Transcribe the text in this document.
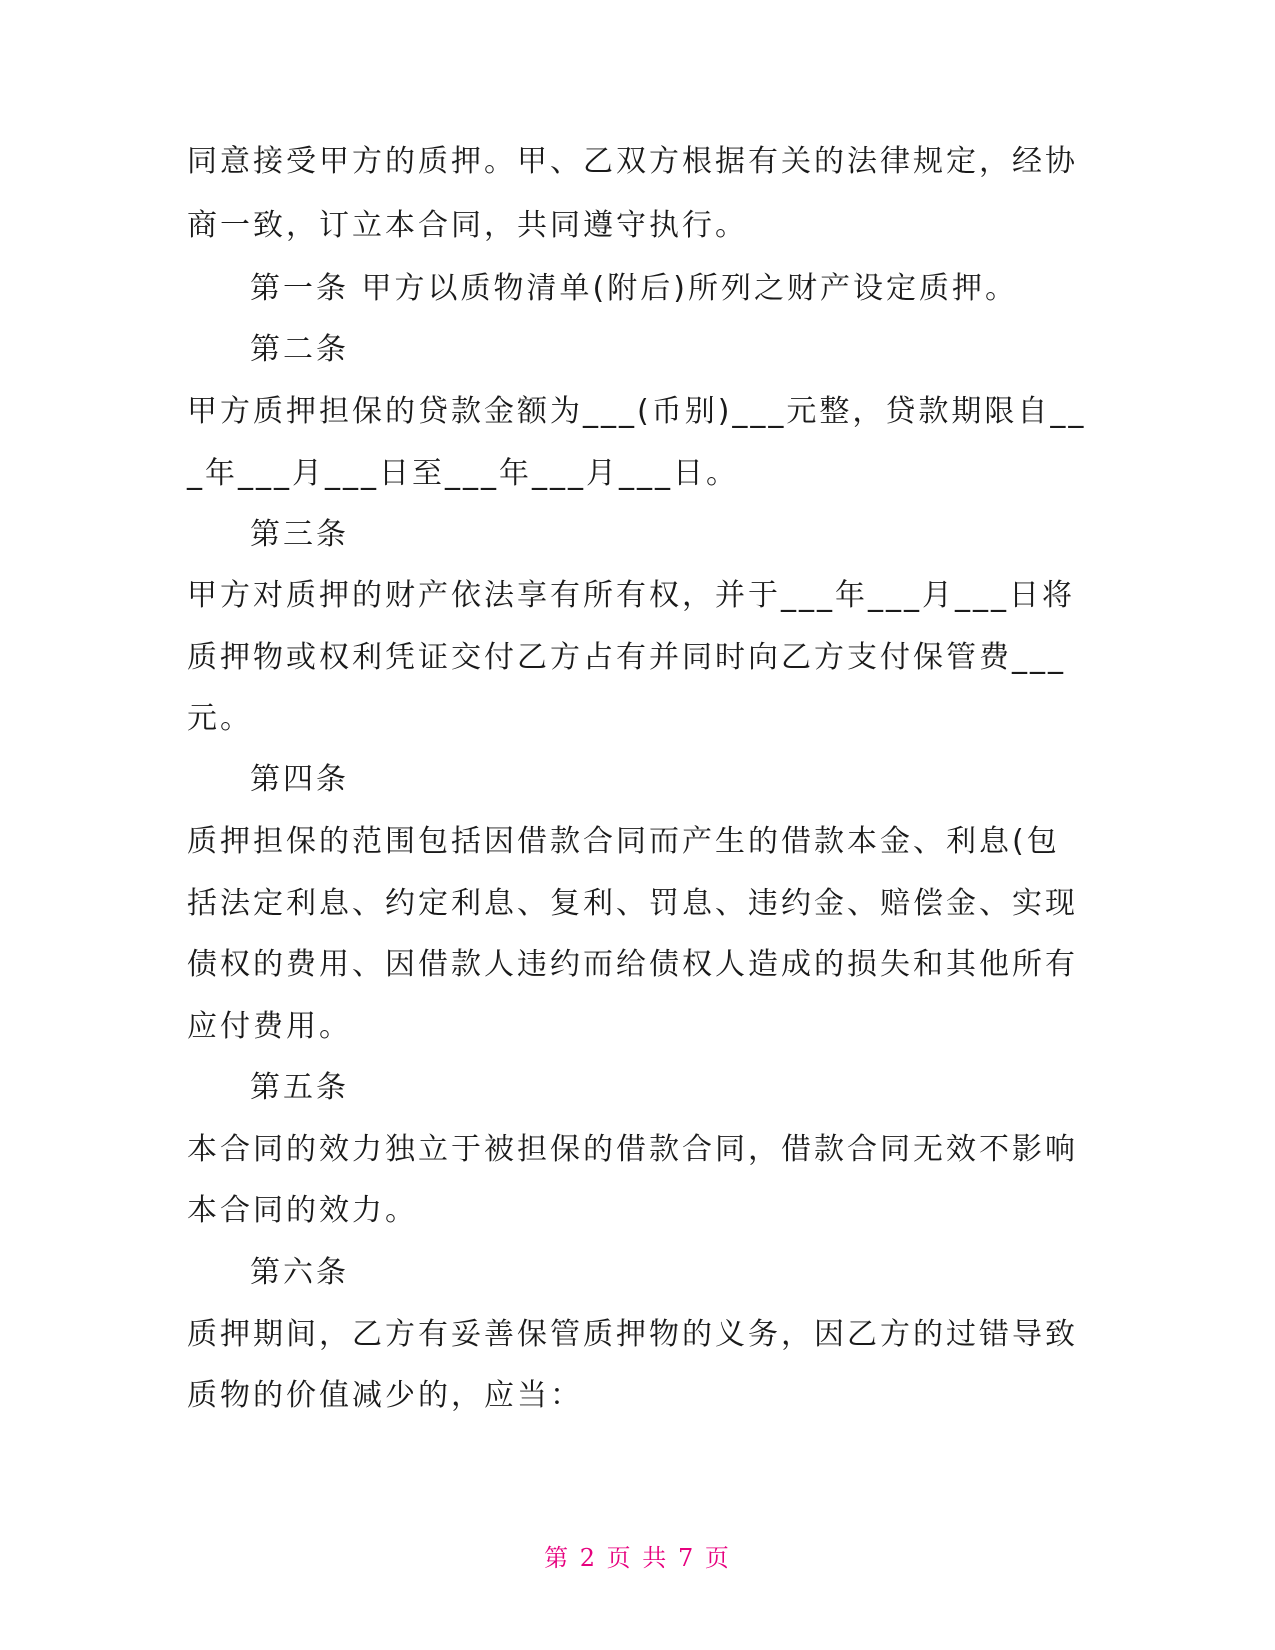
同意接受甲方的质押。甲、乙双方根据有关的法律规定，经协
商一致，订立本合同，共同遵守执行。
第一条 甲方以质物清单(附后)所列之财产设定质押。
第二条
甲方质押担保的贷款金额为___(币别)___元整，贷款期限自__
_年___月___日至___年___月___日。
第三条
甲方对质押的财产依法享有所有权，并于___年___月___日将
质押物或权利凭证交付乙方占有并同时向乙方支付保管费___
元。
第四条
质押担保的范围包括因借款合同而产生的借款本金、利息(包
括法定利息、约定利息、复利、罚息、违约金、赔偿金、实现
债权的费用、因借款人违约而给债权人造成的损失和其他所有
应付费用。
第五条
本合同的效力独立于被担保的借款合同，借款合同无效不影响
本合同的效力。
第六条
质押期间，乙方有妥善保管质押物的义务，因乙方的过错导致
质物的价值减少的，应当：
第 2 页 共 7 页
